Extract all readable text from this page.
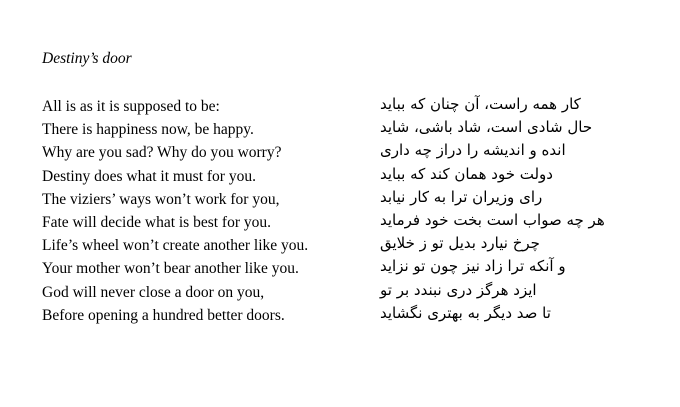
Destiny’s door
All is as it is supposed to be:
There is happiness now, be happy.
Why are you sad? Why do you worry?
Destiny does what it must for you.
The viziers’ ways won’t work for you,
Fate will decide what is best for you.
Life’s wheel won’t create another like you.
Your mother won’t bear another like you.
God will never close a door on you,
Before opening a hundred better doors.
کار همه راست، آن چنان که بباید
حال شادی است، شاد باشی، شاید
انده و اندیشه را دراز چه داری
دولت خود همان کند که بباید
رای وزیران ترا به کار نیابد
هر چه صواب است بخت خود فرماید
چرخ نیارد بدیل تو ز خلایق
و آنکه ترا زاد نیز چون تو نزاید
ایزد هرگز دری نبندد بر تو
تا صد دیگر به بهتری نگشاید
